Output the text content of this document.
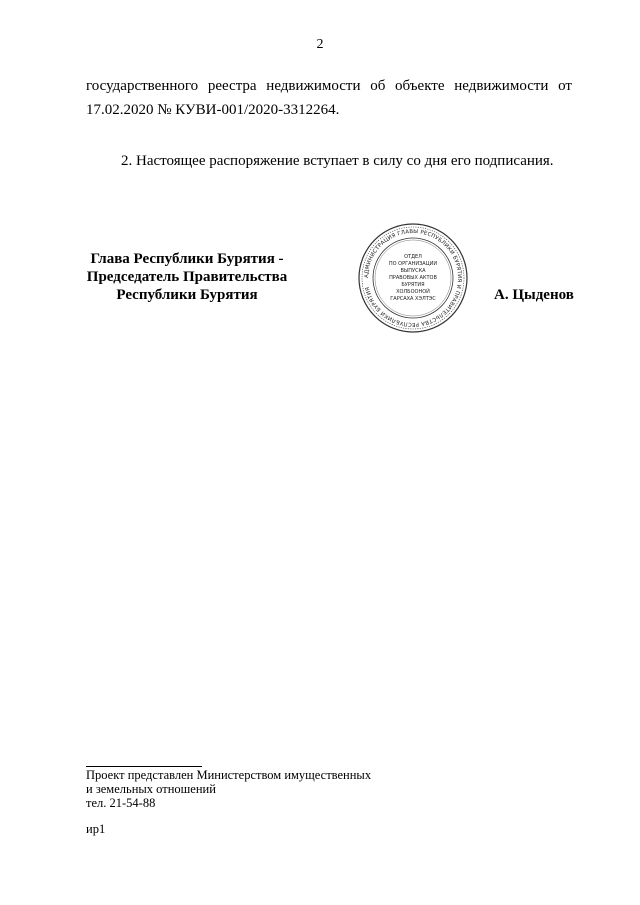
2

государственного реестра недвижимости об объекте недвижимости от
17.02.2020 № КУВИ-001/2020-3312264.

2. Настоящее распоряжение вступает в силу со дня его подписания.

Глава Республики Бурятия -
Председатель Правительства
Республики Бурятия
АДМИНИСТРАЦИЯ ГЛАВЫ РЕСПУБЛИКИ БУРЯТИЯ И ПРАВИТЕЛЬСТВА РЕСПУБЛИКИ БУРЯТИЯ
ОТДЕЛ
ПО ОРГАНИЗАЦИИ
ВЫПУСКА
ПРАВОВЫХ АКТОВ
БУРЯТИЯ
ХОЛБООНОЙ
ГАРСАХА ХЭЛТЭС	А. Цыденов
Проект представлен Министерством имущественных
и земельных отношений
тел. 21-54-88
ир1
